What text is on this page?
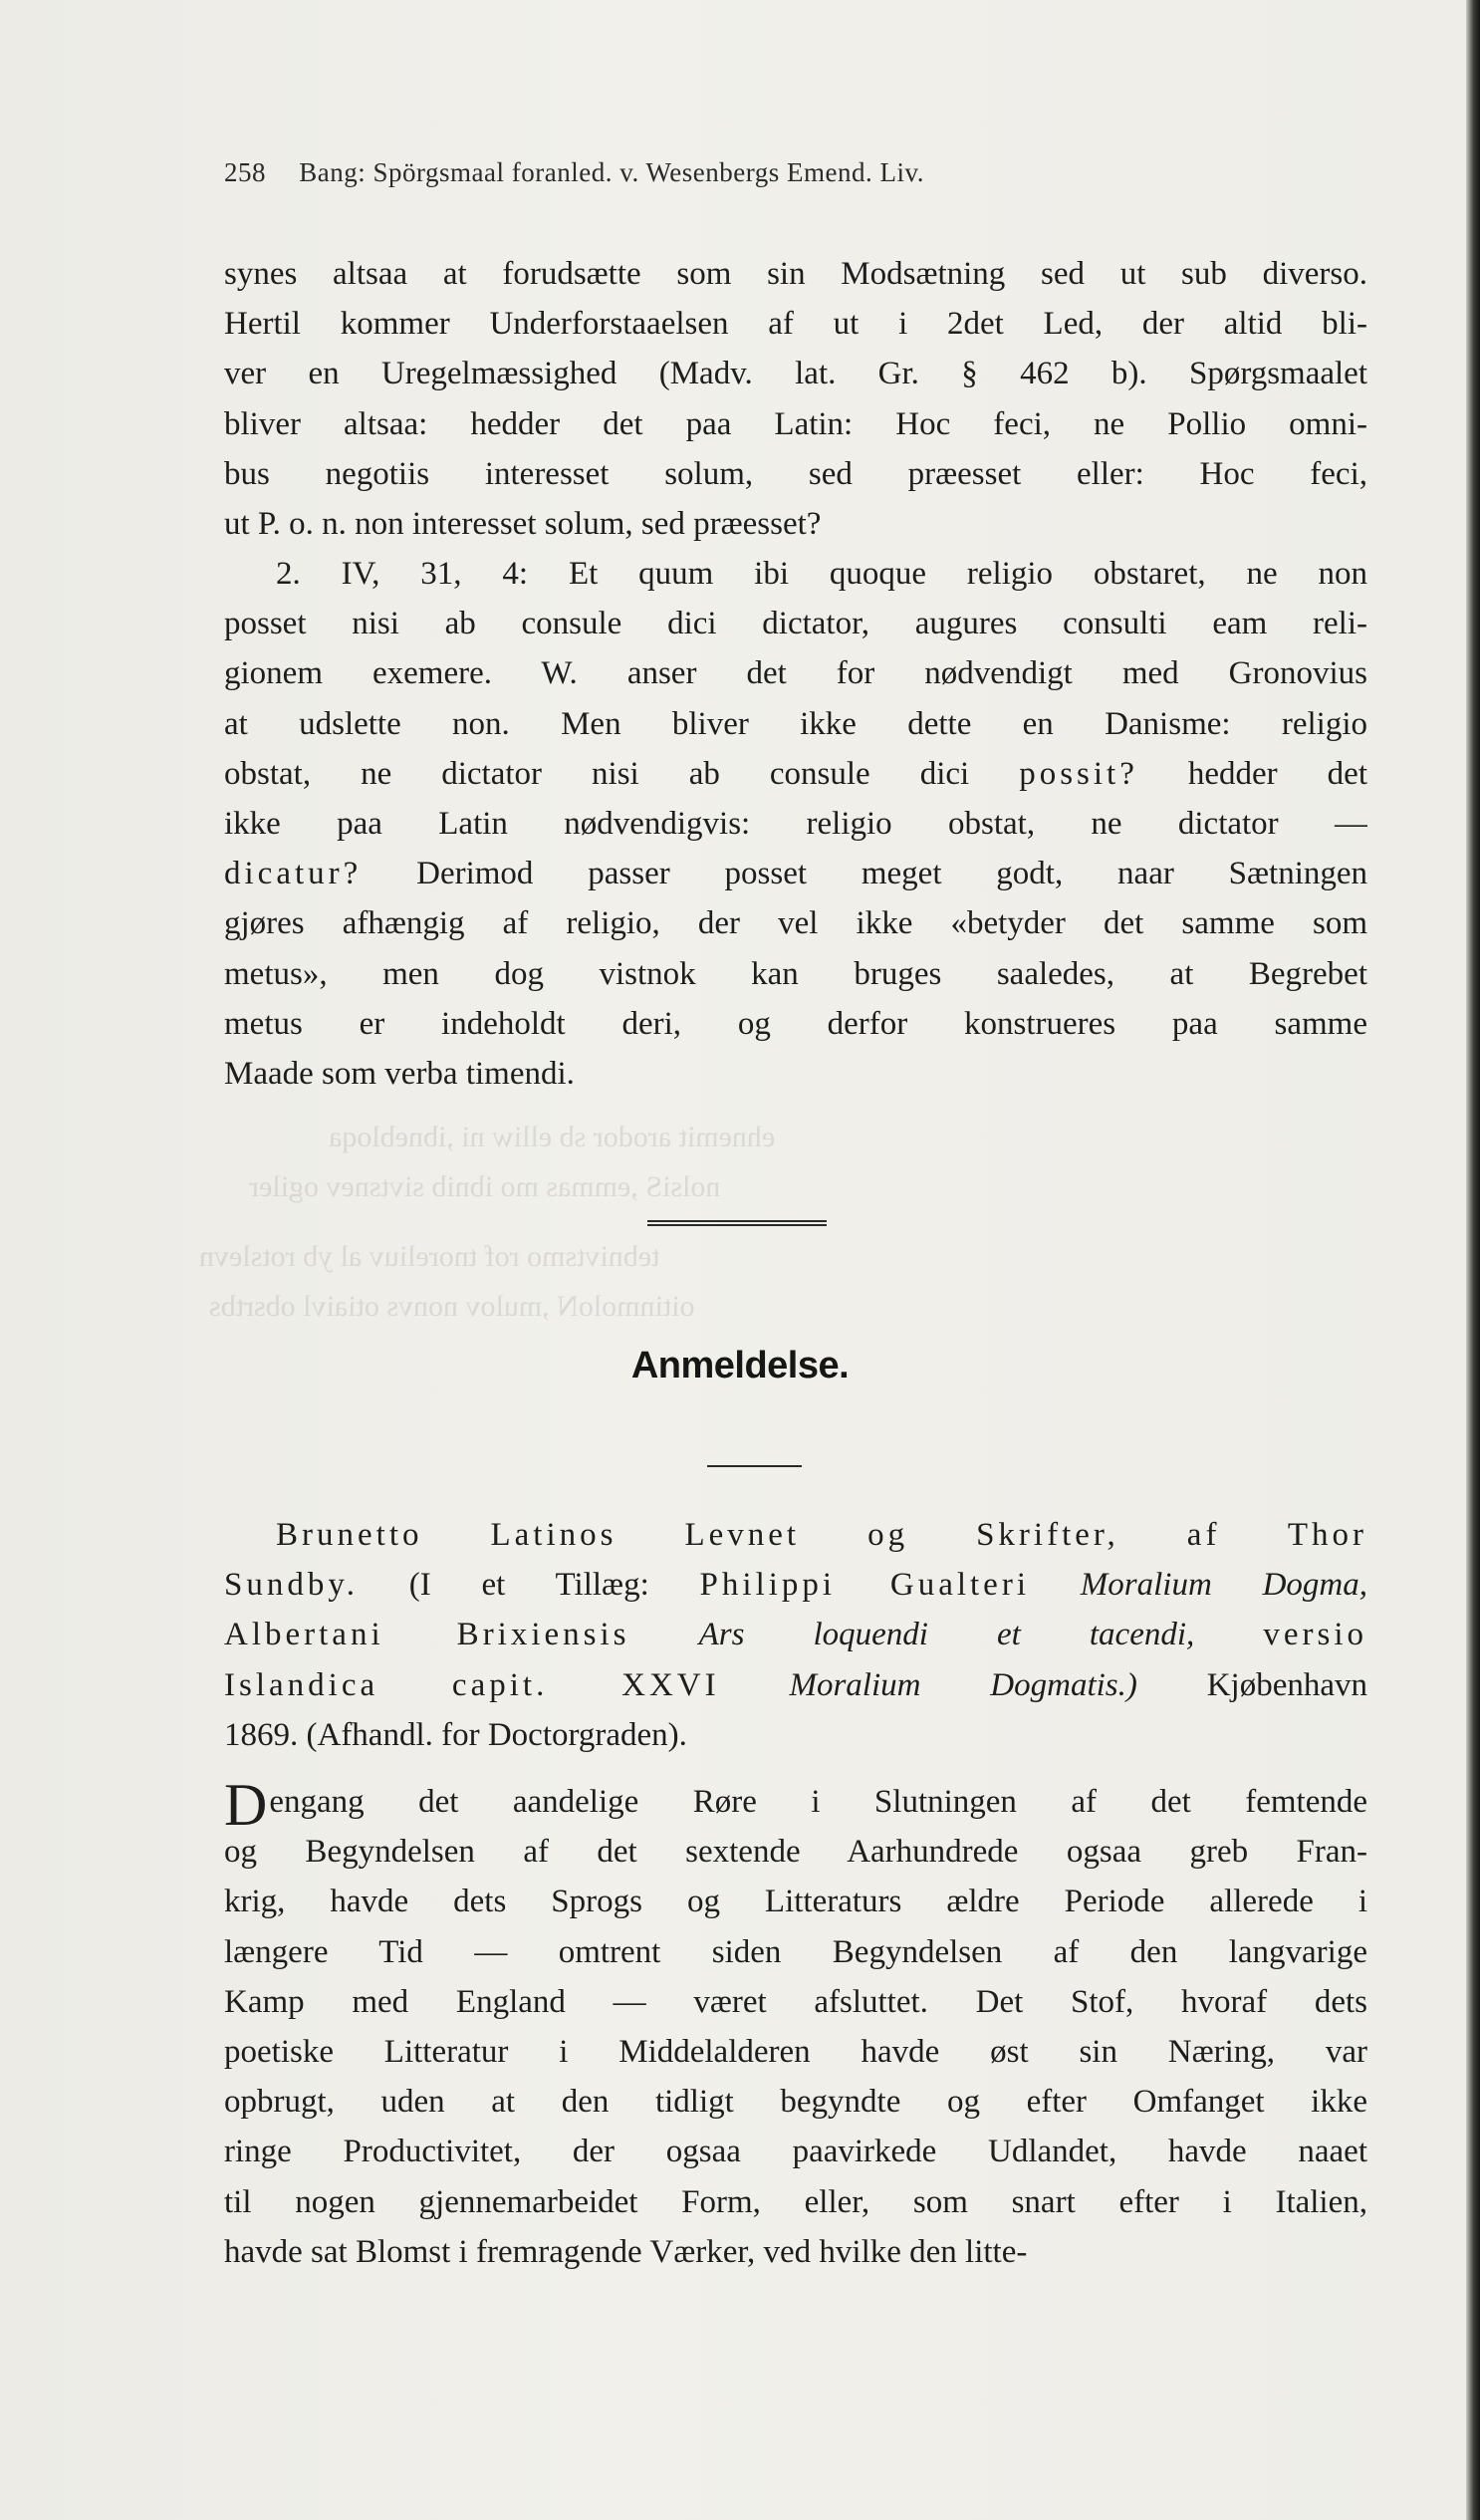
ehnemit arodor sb elliw ni ,ibnebloqa
nolsiS ,emmas mo ibnib sivtsnev ogiler
tebnivtsmo rof tnoreliuv al yb rotslevn
oitinmoloN ,mulov nonvs otiaivl obsrtbs
258 Bang: Spörgsmaal foranled. v. Wesenbergs Emend. Liv.
synes altsaa at forudsætte som sin Modsætning sed ut sub diverso.
Hertil kommer Underforstaaelsen af ut i 2det Led, der altid bli-
ver en Uregelmæssighed (Madv. lat. Gr. § 462 b). Spørgsmaalet
bliver altsaa: hedder det paa Latin: Hoc feci, ne Pollio omni-
bus negotiis interesset solum, sed præesset eller: Hoc feci,
ut P. o. n. non interesset solum, sed præesset?
2. IV, 31, 4: Et quum ibi quoque religio obstaret, ne non
posset nisi ab consule dici dictator, augures consulti eam reli-
gionem exemere. W. anser det for nødvendigt med Gronovius
at udslette non. Men bliver ikke dette en Danisme: religio
obstat, ne dictator nisi ab consule dici possit? hedder det
ikke paa Latin nødvendigvis: religio obstat, ne dictator —
dicatur? Derimod passer posset meget godt, naar Sætningen
gjøres afhængig af religio, der vel ikke «betyder det samme som
metus», men dog vistnok kan bruges saaledes, at Begrebet
metus er indeholdt deri, og derfor konstrueres paa samme
Maade som verba timendi.
Anmeldelse.
Brunetto Latinos Levnet og Skrifter, af Thor
Sundby. (I et Tillæg: Philippi Gualteri Moralium Dogma,
Albertani Brixiensis Ars loquendi et tacendi, versio
Islandica capit. XXVI Moralium Dogmatis.) Kjøbenhavn
1869. (Afhandl. for Doctorgraden).
Dengang det aandelige Røre i Slutningen af det femtende
og Begyndelsen af det sextende Aarhundrede ogsaa greb Fran-
krig, havde dets Sprogs og Litteraturs ældre Periode allerede i
længere Tid — omtrent siden Begyndelsen af den langvarige
Kamp med England — været afsluttet. Det Stof, hvoraf dets
poetiske Litteratur i Middelalderen havde øst sin Næring, var
opbrugt, uden at den tidligt begyndte og efter Omfanget ikke
ringe Productivitet, der ogsaa paavirkede Udlandet, havde naaet
til nogen gjennemarbeidet Form, eller, som snart efter i Italien,
havde sat Blomst i fremragende Værker, ved hvilke den litte-
